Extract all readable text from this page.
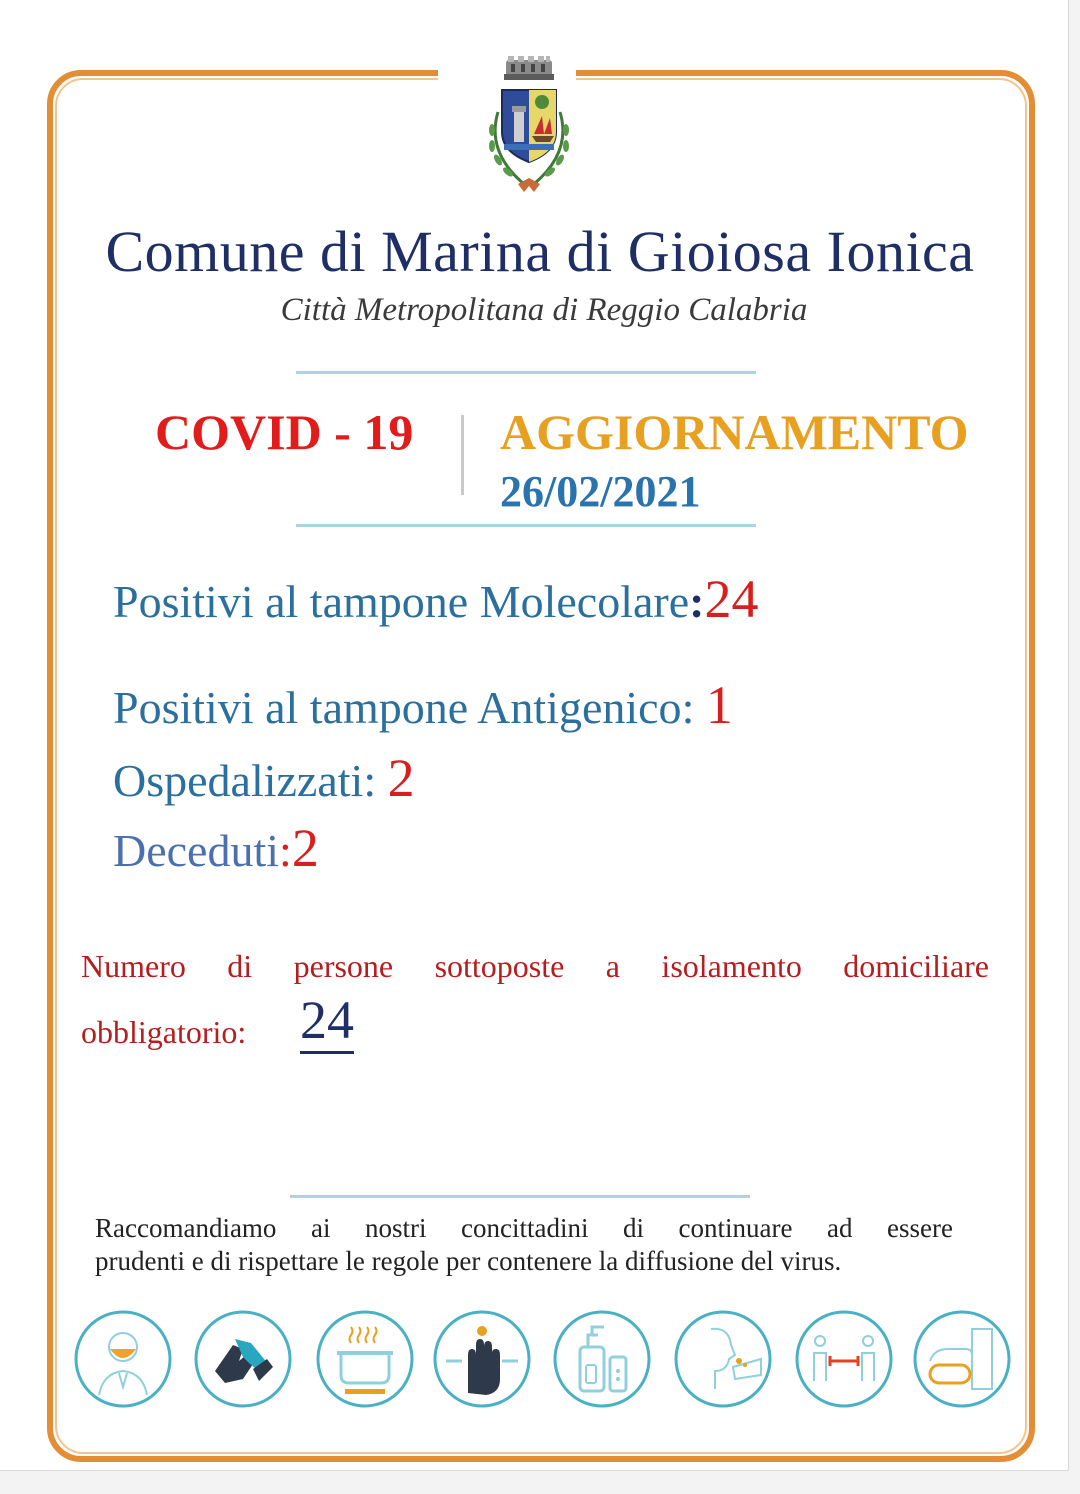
Comune di Marina di Gioiosa Ionica
Città Metropolitana di Reggio Calabria
COVID - 19 AGGIORNAMENTO
26/02/2021
Positivi al tampone Molecolare:24
Positivi al tampone Antigenico: 1
Ospedalizzati: 2
Deceduti:2
Numero di persone sottoposte a isolamento domiciliare
obbligatorio: 24
Raccomandiamo ai nostri concittadini di continuare ad essere
prudenti e di rispettare le regole per contenere la diffusione del virus.
